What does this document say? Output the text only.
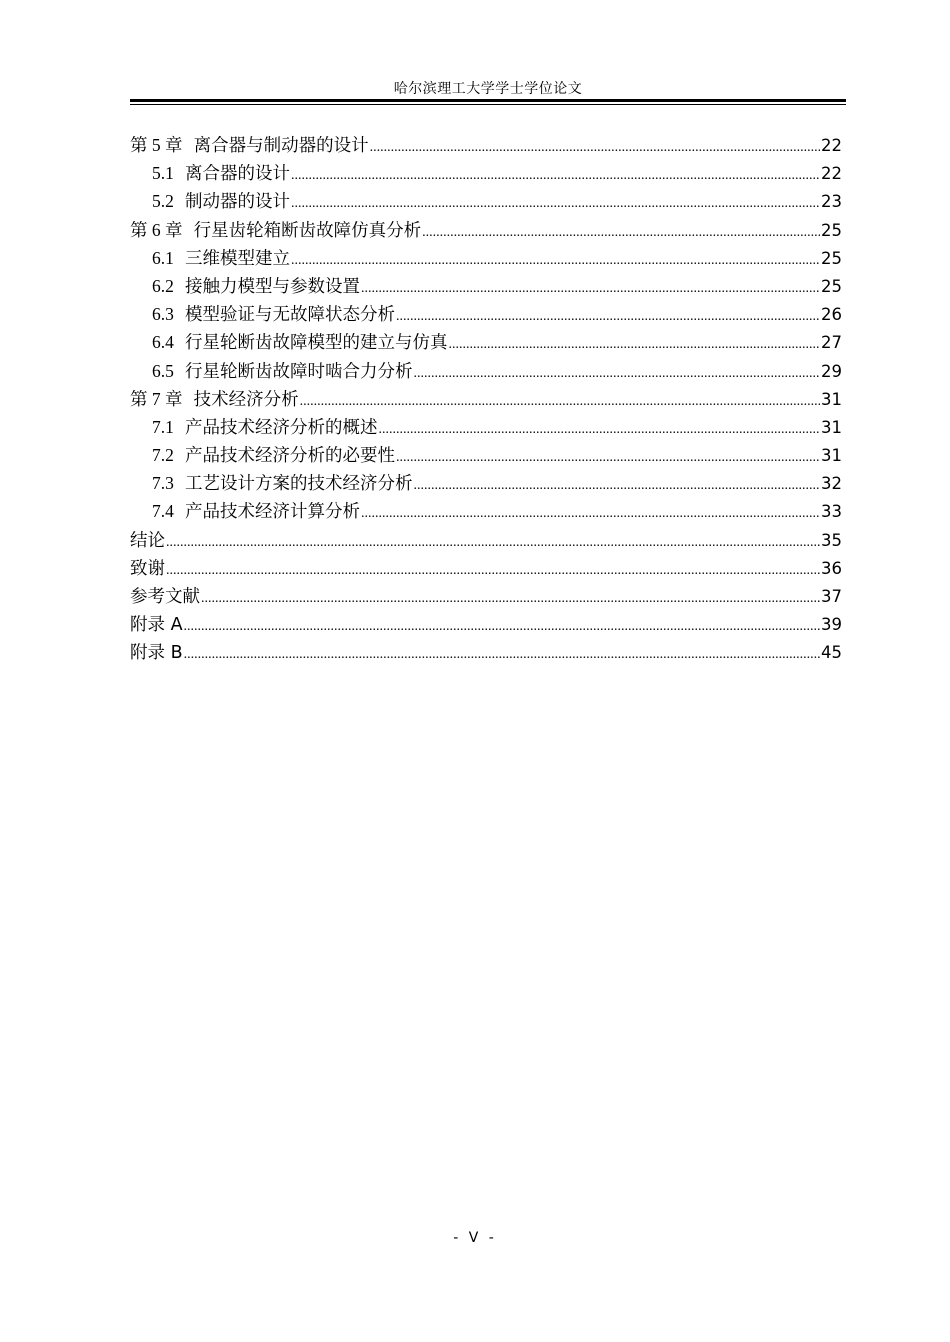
哈尔滨理工大学学士学位论文
第 5 章 离合器与制动器的设计 .....	22
5.1 离合器的设计 .....	22
5.2 制动器的设计 .....	23
第 6 章 行星齿轮箱断齿故障仿真分析 .....	25
6.1 三维模型建立 .....	25
6.2 接触力模型与参数设置 .....	25
6.3 模型验证与无故障状态分析 .....	26
6.4 行星轮断齿故障模型的建立与仿真 .....	27
6.5 行星轮断齿故障时啮合力分析 .....	29
第 7 章 技术经济分析 .....	31
7.1 产品技术经济分析的概述 .....	31
7.2 产品技术经济分析的必要性 .....	31
7.3 工艺设计方案的技术经济分析 .....	32
7.4 产品技术经济计算分析 .....	33
结论 .....	35
致谢 .....	36
参考文献 .....	37
附录 A .....	39
附录 B .....	45
- V -
